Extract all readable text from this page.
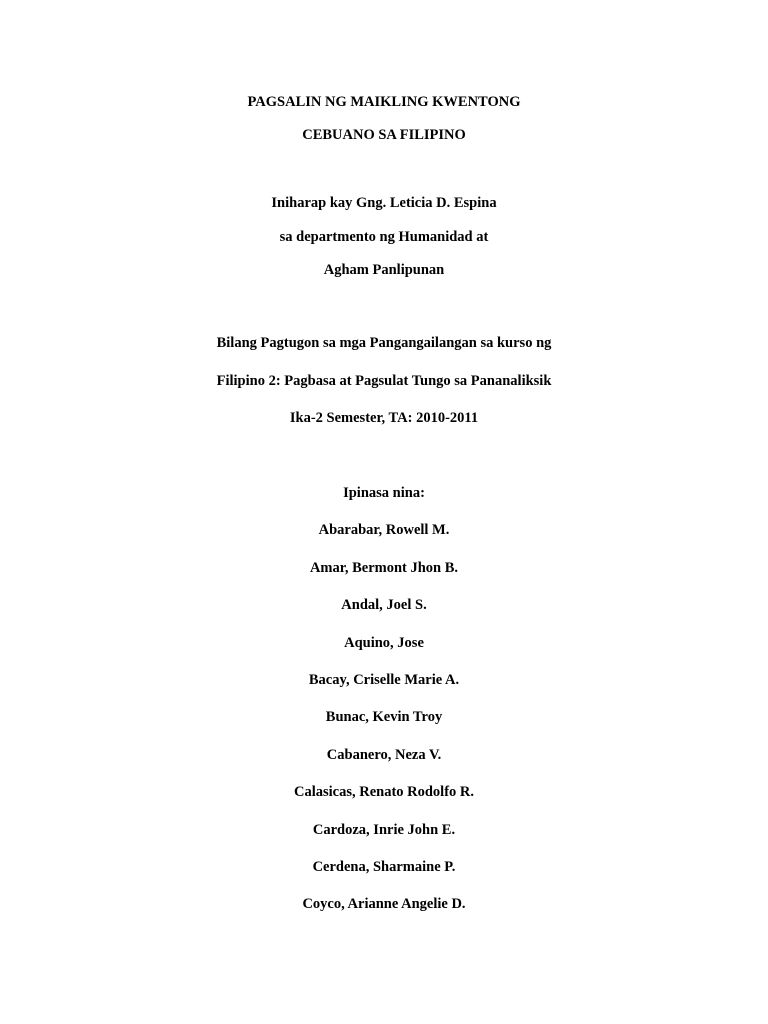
PAGSALIN NG MAIKLING KWENTONG
CEBUANO SA FILIPINO
Iniharap kay Gng. Leticia D. Espina
sa departmento ng Humanidad at
Agham Panlipunan
Bilang Pagtugon sa mga Pangangailangan sa kurso ng
Filipino 2: Pagbasa at Pagsulat Tungo sa Pananaliksik
Ika-2 Semester, TA: 2010-2011
Ipinasa nina:
Abarabar, Rowell M.
Amar, Bermont Jhon B.
Andal, Joel S.
Aquino, Jose
Bacay, Criselle Marie A.
Bunac, Kevin Troy
Cabanero, Neza V.
Calasicas, Renato Rodolfo R.
Cardoza, Inrie John E.
Cerdena, Sharmaine P.
Coyco, Arianne Angelie D.
